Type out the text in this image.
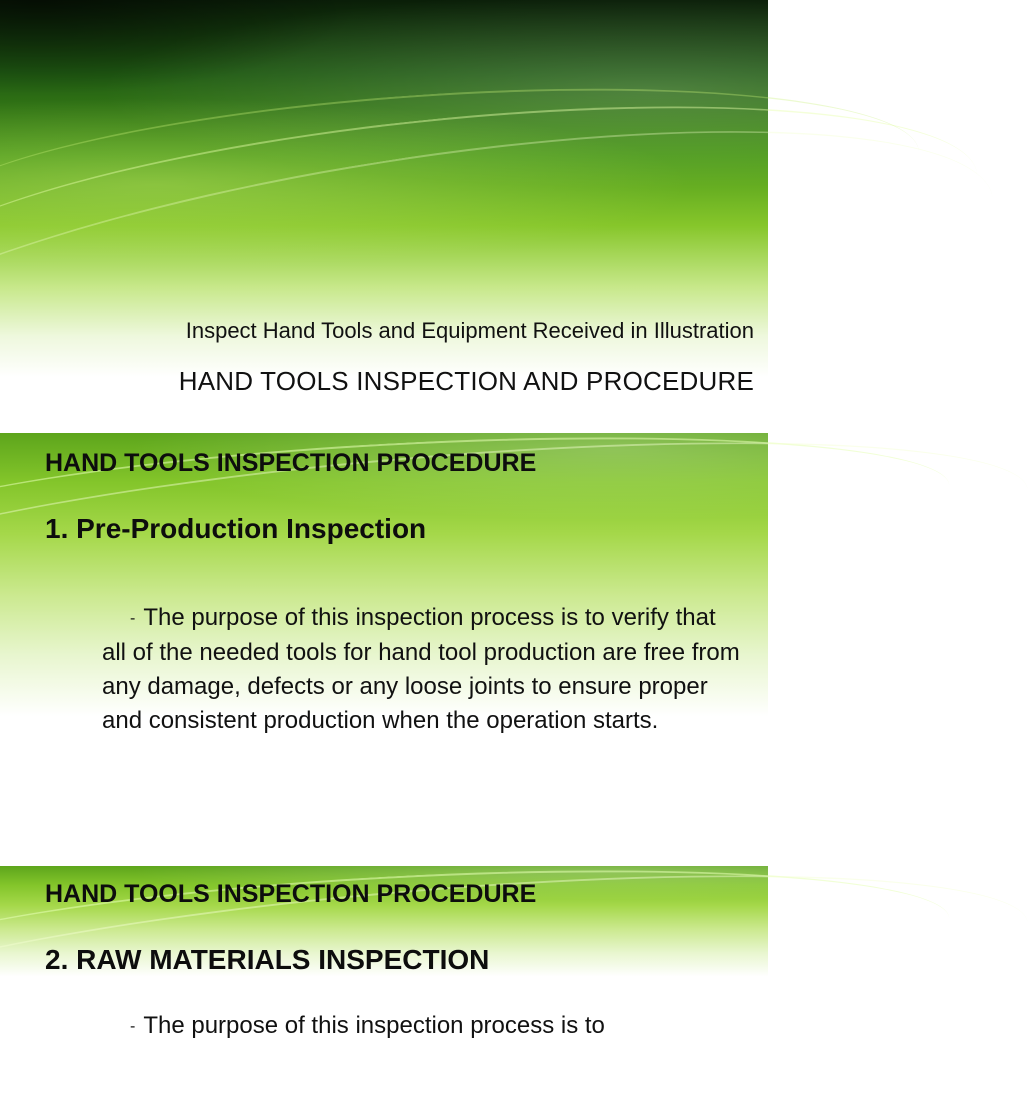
Inspect Hand Tools and Equipment Received in Illustration
HAND TOOLS INSPECTION AND PROCEDURE
HAND TOOLS INSPECTION PROCEDURE
1. Pre-Production Inspection
- The purpose of this inspection process is to verify that all of the needed tools for hand tool production are free from any damage, defects or any loose joints to ensure proper and consistent production when the operation starts.
HAND TOOLS INSPECTION PROCEDURE
2. RAW MATERIALS INSPECTION
- The purpose of this inspection process is to
